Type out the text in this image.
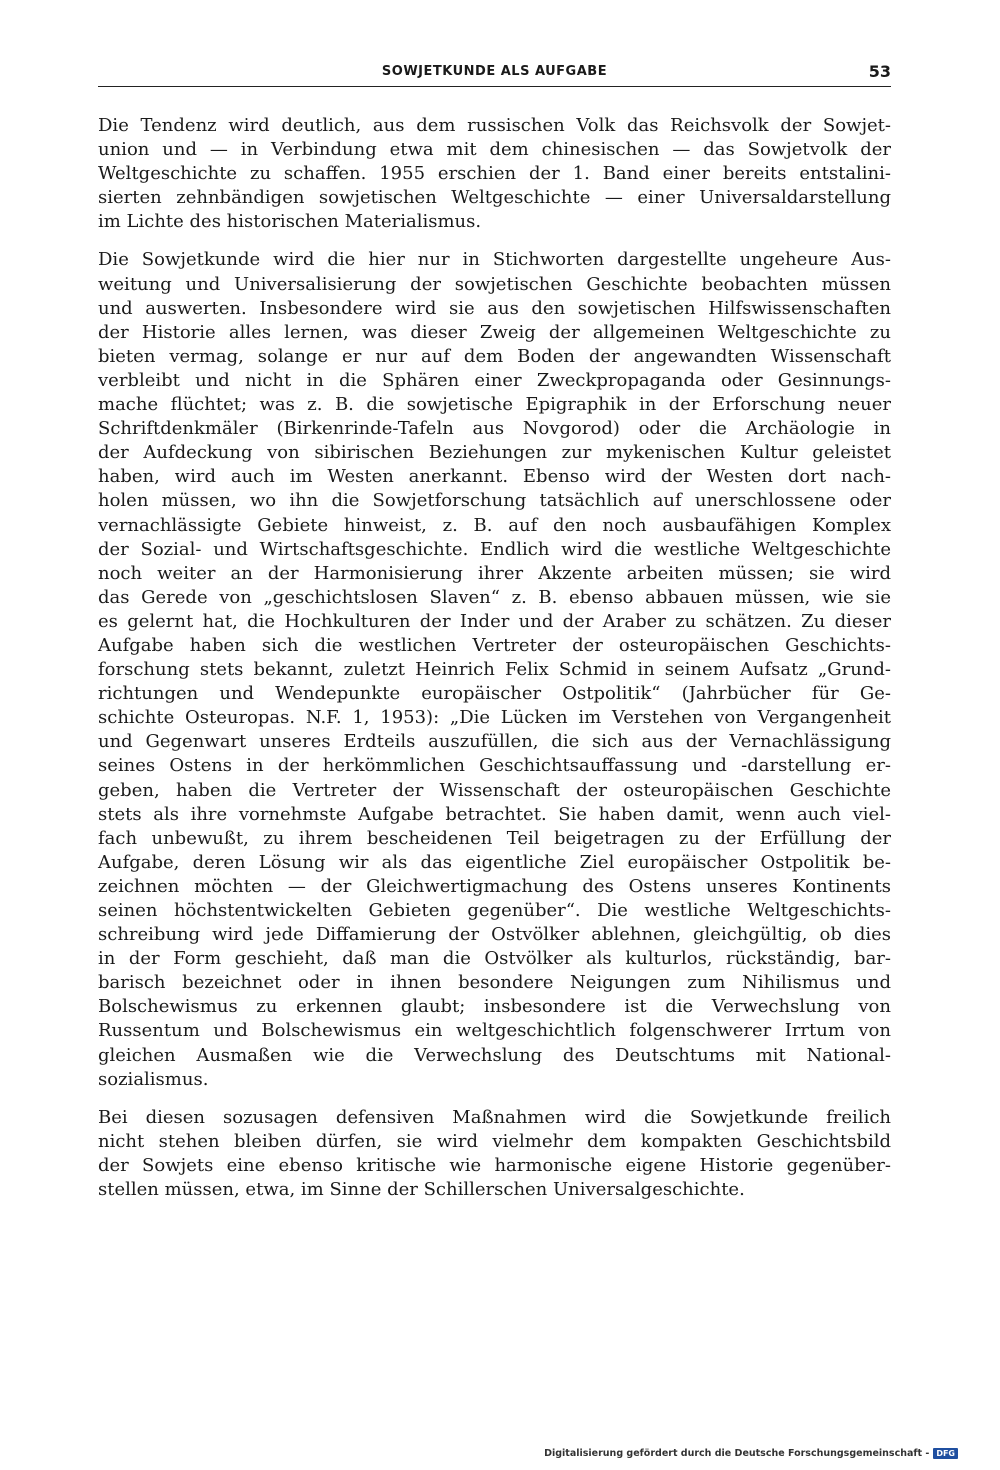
SOWJETKUNDE ALS AUFGABE	53

Die Tendenz wird deutlich, aus dem russischen Volk das Reichsvolk der Sowjet-
union und — in Verbindung etwa mit dem chinesischen — das Sowjetvolk der
Weltgeschichte zu schaffen. 1955 erschien der 1. Band einer bereits entstalini-
sierten zehnbändigen sowjetischen Weltgeschichte — einer Universaldarstellung
im Lichte des historischen Materialismus.

Die Sowjetkunde wird die hier nur in Stichworten dargestellte ungeheure Aus-
weitung und Universalisierung der sowjetischen Geschichte beobachten müssen
und auswerten. Insbesondere wird sie aus den sowjetischen Hilfswissenschaften
der Historie alles lernen, was dieser Zweig der allgemeinen Weltgeschichte zu
bieten vermag, solange er nur auf dem Boden der angewandten Wissenschaft
verbleibt und nicht in die Sphären einer Zweckpropaganda oder Gesinnungs-
mache flüchtet; was z. B. die sowjetische Epigraphik in der Erforschung neuer
Schriftdenkmäler (Birkenrinde-Tafeln aus Novgorod) oder die Archäologie in
der Aufdeckung von sibirischen Beziehungen zur mykenischen Kultur geleistet
haben, wird auch im Westen anerkannt. Ebenso wird der Westen dort nach-
holen müssen, wo ihn die Sowjetforschung tatsächlich auf unerschlossene oder
vernachlässigte Gebiete hinweist, z. B. auf den noch ausbaufähigen Komplex
der Sozial- und Wirtschaftsgeschichte. Endlich wird die westliche Weltgeschichte
noch weiter an der Harmonisierung ihrer Akzente arbeiten müssen; sie wird
das Gerede von „geschichtslosen Slaven“ z. B. ebenso abbauen müssen, wie sie
es gelernt hat, die Hochkulturen der Inder und der Araber zu schätzen. Zu dieser
Aufgabe haben sich die westlichen Vertreter der osteuropäischen Geschichts-
forschung stets bekannt, zuletzt Heinrich Felix Schmid in seinem Aufsatz „Grund-
richtungen und Wendepunkte europäischer Ostpolitik“ (Jahrbücher für Ge-
schichte Osteuropas. N.F. 1, 1953): „Die Lücken im Verstehen von Vergangenheit
und Gegenwart unseres Erdteils auszufüllen, die sich aus der Vernachlässigung
seines Ostens in der herkömmlichen Geschichtsauffassung und -darstellung er-
geben, haben die Vertreter der Wissenschaft der osteuropäischen Geschichte
stets als ihre vornehmste Aufgabe betrachtet. Sie haben damit, wenn auch viel-
fach unbewußt, zu ihrem bescheidenen Teil beigetragen zu der Erfüllung der
Aufgabe, deren Lösung wir als das eigentliche Ziel europäischer Ostpolitik be-
zeichnen möchten — der Gleichwertigmachung des Ostens unseres Kontinents
seinen höchstentwickelten Gebieten gegenüber“. Die westliche Weltgeschichts-
schreibung wird jede Diffamierung der Ostvölker ablehnen, gleichgültig, ob dies
in der Form geschieht, daß man die Ostvölker als kulturlos, rückständig, bar-
barisch bezeichnet oder in ihnen besondere Neigungen zum Nihilismus und
Bolschewismus zu erkennen glaubt; insbesondere ist die Verwechslung von
Russentum und Bolschewismus ein weltgeschichtlich folgenschwerer Irrtum von
gleichen Ausmaßen wie die Verwechslung des Deutschtums mit National-
sozialismus.

Bei diesen sozusagen defensiven Maßnahmen wird die Sowjetkunde freilich
nicht stehen bleiben dürfen, sie wird vielmehr dem kompakten Geschichtsbild
der Sowjets eine ebenso kritische wie harmonische eigene Historie gegenüber-
stellen müssen, etwa, im Sinne der Schillerschen Universalgeschichte.

Digitalisierung gefördert durch die Deutsche Forschungsgemeinschaft - DFG
